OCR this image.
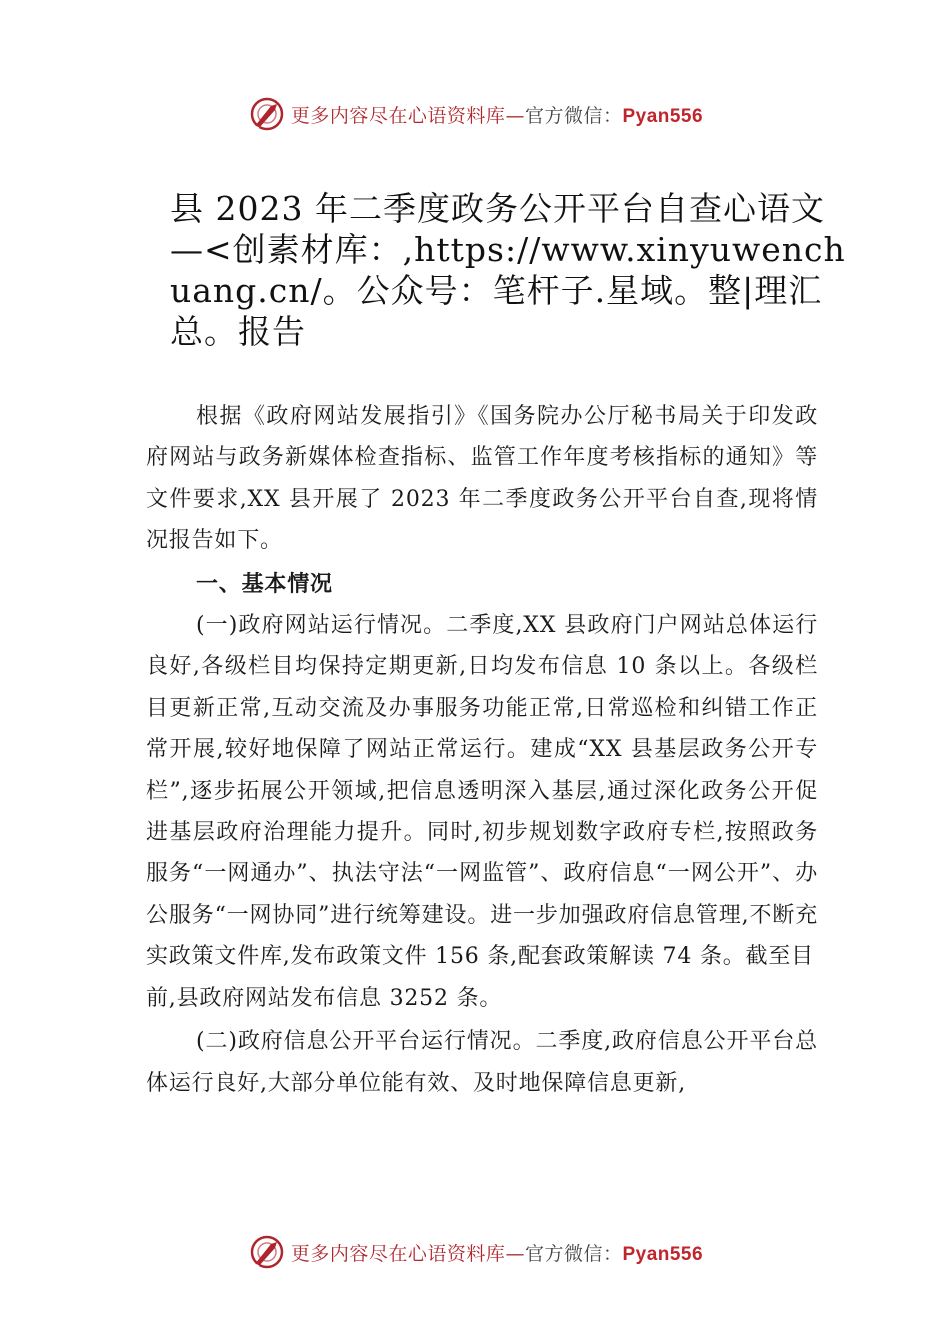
更多内容尽在心语资料库—官方微信：Pyan556
县 2023 年二季度政务公开平台自查心语文—<创素材库：,https://www.xinyuwenchuang.cn/。公众号：笔杆子.星域。整|理汇总。报告

根据《政府网站发展指引》《国务院办公厅秘书局关于印发政府网站与政务新媒体检查指标、监管工作年度考核指标的通知》等文件要求,XX 县开展了 2023 年二季度政务公开平台自查,现将情况报告如下。

一、基本情况

(一)政府网站运行情况。二季度,XX 县政府门户网站总体运行良好,各级栏目均保持定期更新,日均发布信息 10 条以上。各级栏目更新正常,互动交流及办事服务功能正常,日常巡检和纠错工作正常开展,较好地保障了网站正常运行。建成“XX 县基层政务公开专栏”,逐步拓展公开领域,把信息透明深入基层,通过深化政务公开促进基层政府治理能力提升。同时,初步规划数字政府专栏,按照政务服务“一网通办”、执法守法“一网监管”、政府信息“一网公开”、办公服务“一网协同”进行统筹建设。进一步加强政府信息管理,不断充实政策文件库,发布政策文件 156 条,配套政策解读 74 条。截至目

前,县政府网站发布信息 3252 条。

(二)政府信息公开平台运行情况。二季度,政府信息公开平台总体运行良好,大部分单位能有效、及时地保障信息更新,

更多内容尽在心语资料库—官方微信：Pyan556
